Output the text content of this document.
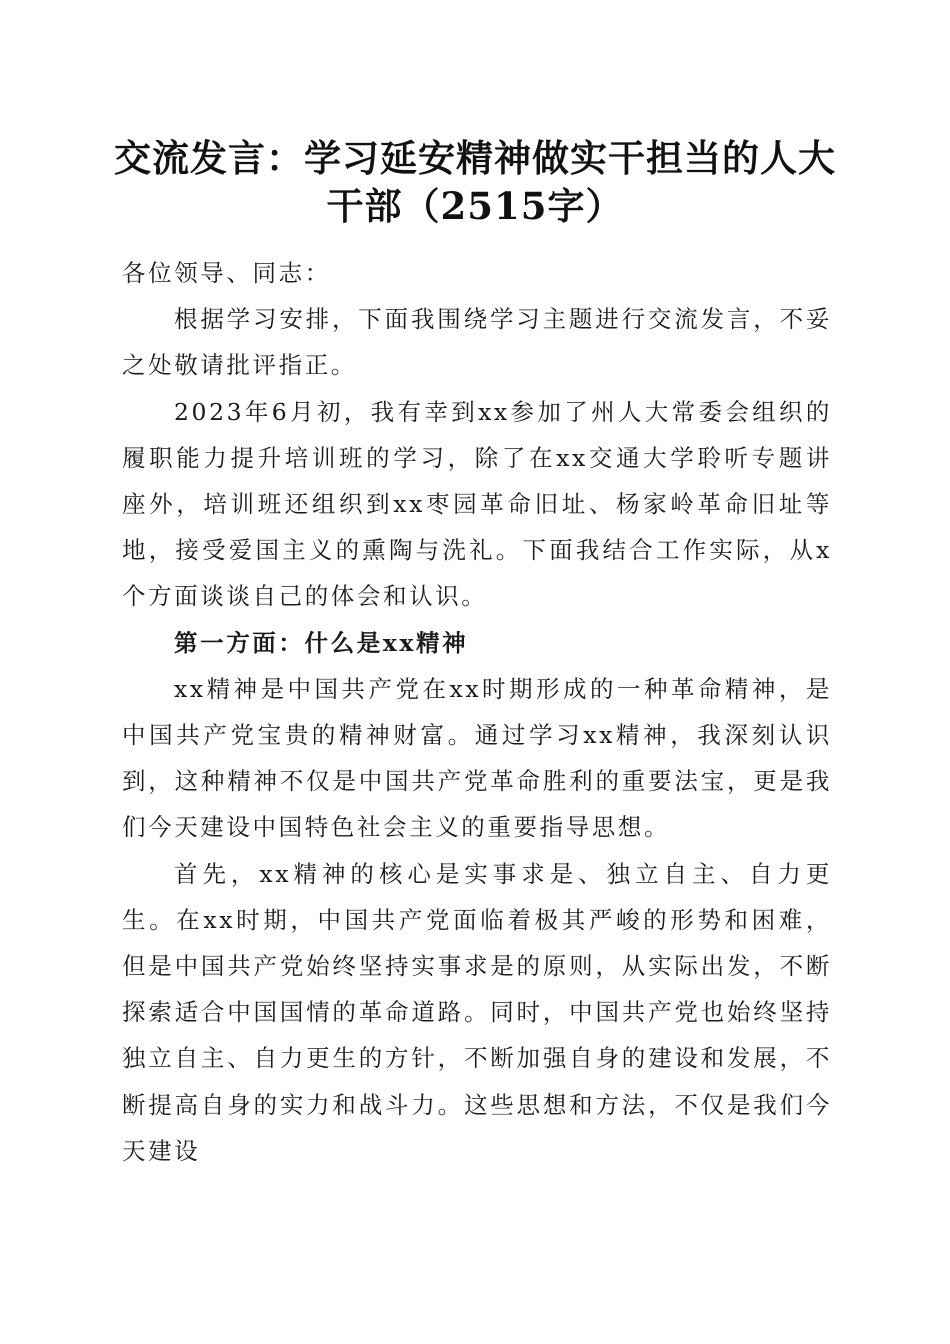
交流发言：学习延安精神做实干担当的人大干部（2515字）

各位领导、同志：

根据学习安排，下面我围绕学习主题进行交流发言，不妥之处敬请批评指正。

2023年6月初，我有幸到xx参加了州人大常委会组织的履职能力提升培训班的学习，除了在xx交通大学聆听专题讲座外，培训班还组织到xx枣园革命旧址、杨家岭革命旧址等地，接受爱国主义的熏陶与洗礼。下面我结合工作实际，从x个方面谈谈自己的体会和认识。

第一方面：什么是xx精神

xx精神是中国共产党在xx时期形成的一种革命精神，是中国共产党宝贵的精神财富。通过学习xx精神，我深刻认识到，这种精神不仅是中国共产党革命胜利的重要法宝，更是我们今天建设中国特色社会主义的重要指导思想。

首先，xx精神的核心是实事求是、独立自主、自力更生。在xx时期，中国共产党面临着极其严峻的形势和困难，但是中国共产党始终坚持实事求是的原则，从实际出发，不断探索适合中国国情的革命道路。同时，中国共产党也始终坚持独立自主、自力更生的方针，不断加强自身的建设和发展，不断提高自身的实力和战斗力。这些思想和方法，不仅是我们今天建设
